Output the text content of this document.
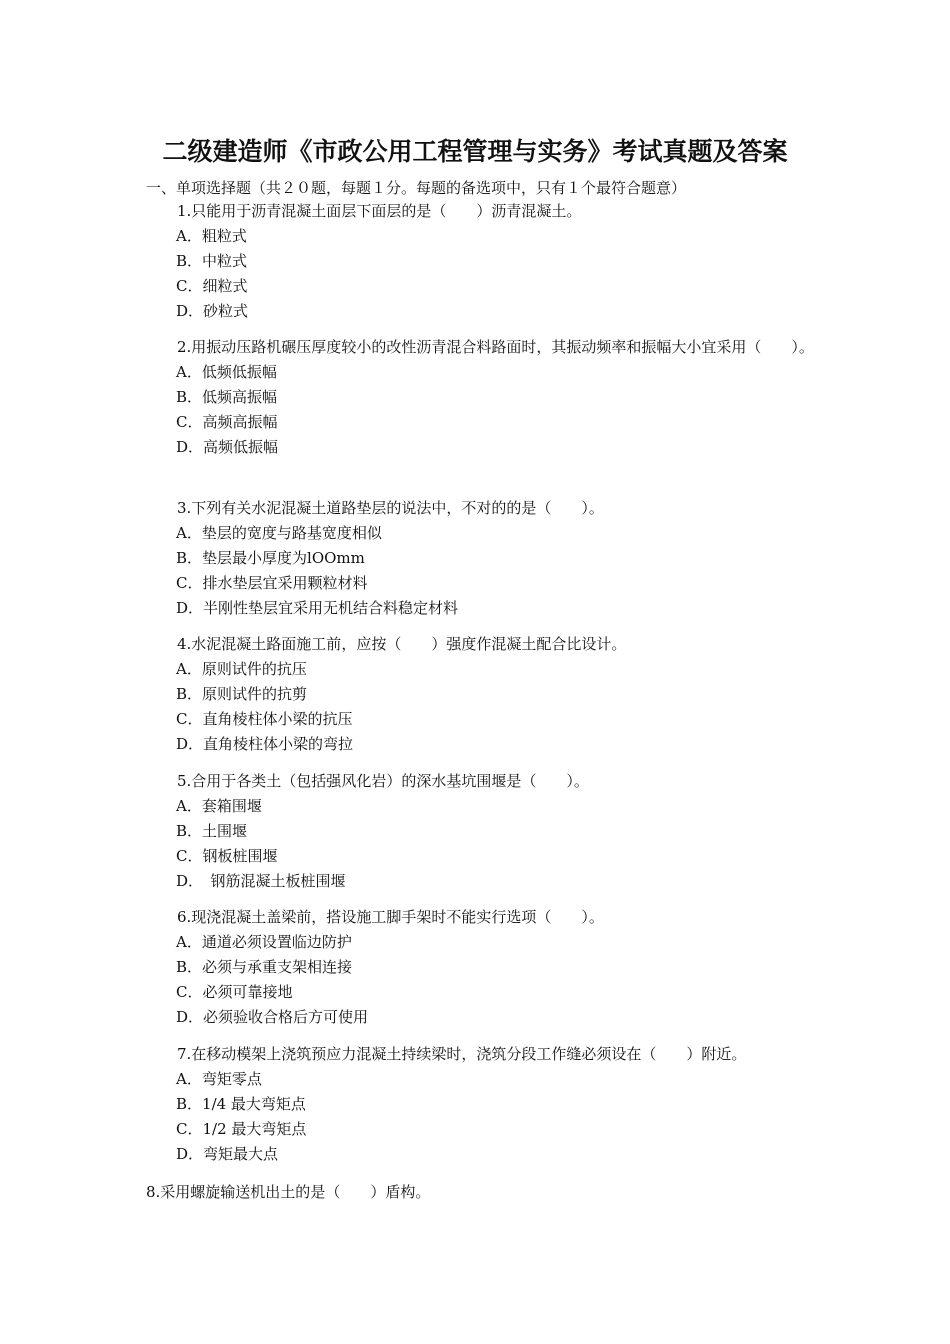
二级建造师《市政公用工程管理与实务》考试真题及答案
一、单项选择题（共２０题，每题１分。每题的备选项中，只有１个最符合题意）

1.只能用于沥青混凝土面层下面层的是（　　）沥青混凝土。

A．粗粒式
B．中粒式
C．细粒式
D．砂粒式

2.用振动压路机碾压厚度较小的改性沥青混合料路面时，其振动频率和振幅大小宜采用（　　）。

A．低频低振幅
B．低频高振幅
C．高频高振幅
D．高频低振幅

3.下列有关水泥混凝土道路垫层的说法中，不对的的是（　　）。

A．垫层的宽度与路基宽度相似
B．垫层最小厚度为lOOmm
C．排水垫层宜采用颗粒材料
D．半刚性垫层宜采用无机结合料稳定材料

4.水泥混凝土路面施工前，应按（　　）强度作混凝土配合比设计。

A．原则试件的抗压
B．原则试件的抗剪
C．直角棱柱体小梁的抗压
D．直角棱柱体小梁的弯拉

5.合用于各类土（包括强风化岩）的深水基坑围堰是（　　）。

A．套箱围堰
B．土围堰
C．钢板桩围堰
D．　钢筋混凝土板桩围堰

6.现浇混凝土盖梁前，搭设施工脚手架时不能实行选项（　　）。

A．通道必须设置临边防护
B．必须与承重支架相连接
C．必须可靠接地
D．必须验收合格后方可使用

7.在移动模架上浇筑预应力混凝土持续梁时，浇筑分段工作缝必须设在（　　）附近。

A．弯矩零点
B．1/4 最大弯矩点
C．1/2 最大弯矩点
D．弯矩最大点
8.采用螺旋输送机出土的是（　　）盾构。
